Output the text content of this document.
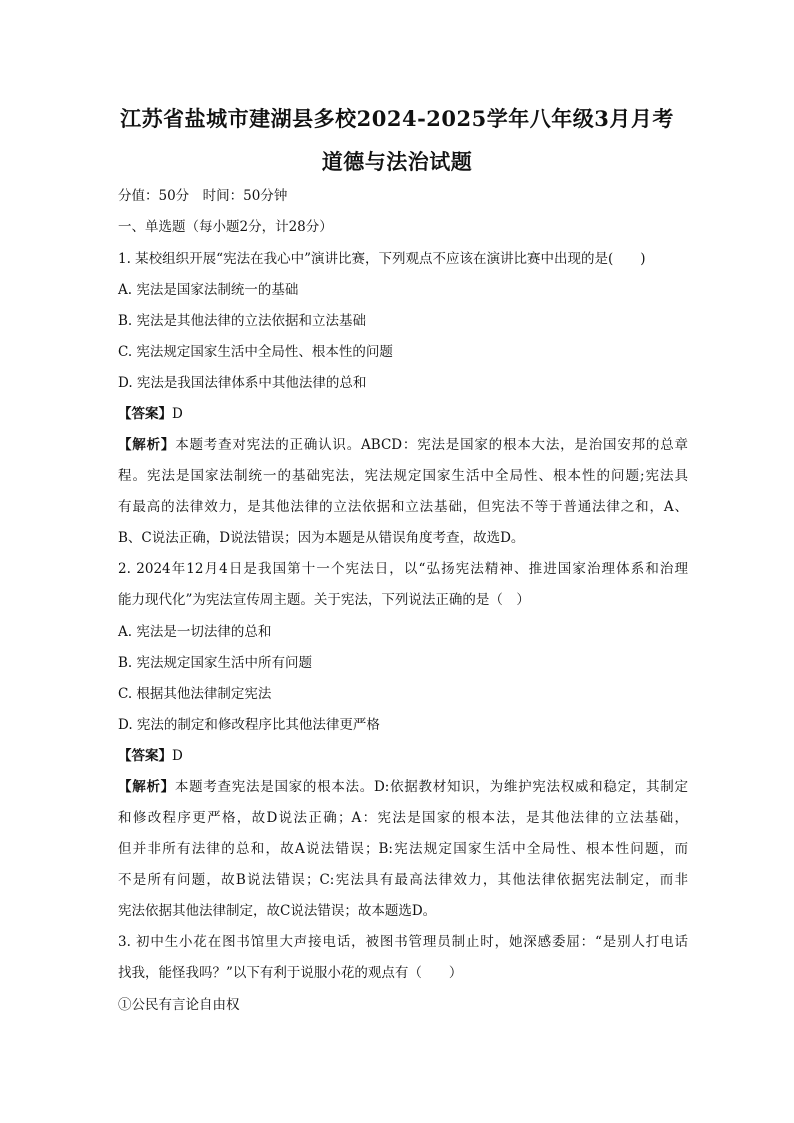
江苏省盐城市建湖县多校2024-2025学年八年级3月月考
道德与法治试题
分值：50分　时间：50分钟
一、单选题（每小题2分，计28分）
1. 某校组织开展“宪法在我心中”演讲比赛，下列观点不应该在演讲比赛中出现的是(　　)
A. 宪法是国家法制统一的基础
B. 宪法是其他法律的立法依据和立法基础
C. 宪法规定国家生活中全局性、根本性的问题
D. 宪法是我国法律体系中其他法律的总和
【答案】D
【解析】本题考查对宪法的正确认识。ABCD：宪法是国家的根本大法，是治国安邦的总章
程。宪法是国家法制统一的基础宪法，宪法规定国家生活中全局性、根本性的问题;宪法具
有最高的法律效力，是其他法律的立法依据和立法基础，但宪法不等于普通法律之和，A、
B、C说法正确，D说法错误；因为本题是从错误角度考查，故选D。
2. 2024年12月4日是我国第十一个宪法日，以“弘扬宪法精神、推进国家治理体系和治理
能力现代化”为宪法宣传周主题。关于宪法，下列说法正确的是（　）
A. 宪法是一切法律的总和
B. 宪法规定国家生活中所有问题
C. 根据其他法律制定宪法
D. 宪法的制定和修改程序比其他法律更严格
【答案】D
【解析】本题考查宪法是国家的根本法。D:依据教材知识，为维护宪法权威和稳定，其制定
和修改程序更严格，故D说法正确；A：宪法是国家的根本法，是其他法律的立法基础，
但并非所有法律的总和，故A说法错误；B:宪法规定国家生活中全局性、根本性问题，而
不是所有问题，故B说法错误；C:宪法具有最高法律效力，其他法律依据宪法制定，而非
宪法依据其他法律制定，故C说法错误；故本题选D。
3. 初中生小花在图书馆里大声接电话，被图书管理员制止时，她深感委屈：“是别人打电话
找我，能怪我吗？”以下有利于说服小花的观点有（　　）
①公民有言论自由权
